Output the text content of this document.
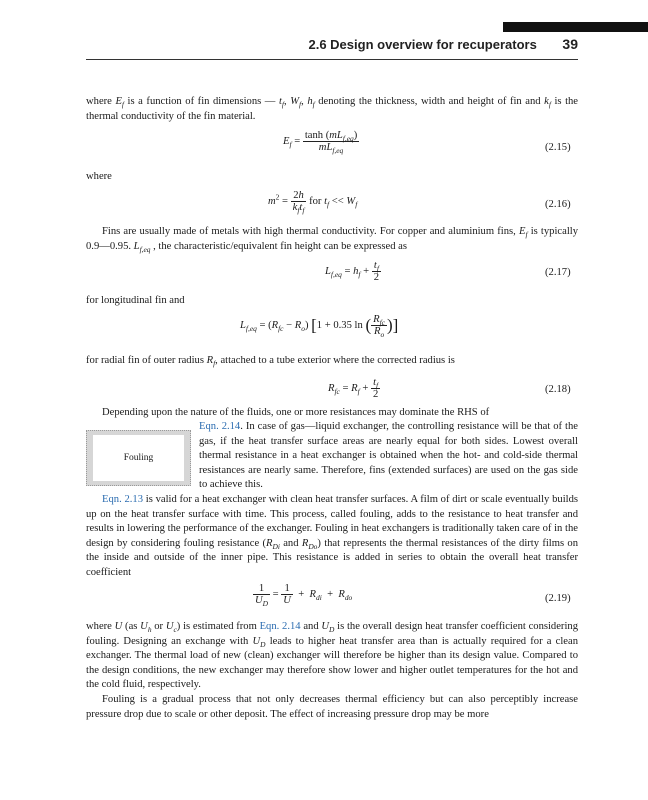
2.6 Design overview for recuperators 39
where $E_f$ is a function of fin dimensions — $t_f$, $W_f$, $h_f$ denoting the thickness, width and height of fin and $k_f$ is the thermal conductivity of the fin material.
$E_f = \frac{\tanh (mL_{f,eq})}{mL_{f,eq}}$	(2.15)
where
$m^2 = \frac{2h}{k_ft_f}$ for $t_f << W_f$	(2.16)
Fins are usually made of metals with high thermal conductivity. For copper and aluminium fins, $E_f$ is typically 0.9—0.95. $L_{f,eq}$ , the characteristic/equivalent fin height can be expressed as
$L_{f,eq} = h_f + \frac{t_f}{2}$	(2.17)
for longitudinal fin and
$L_{f,eq} = (R_{fc} - R_o) [1 + 0.35$ ln ( $\frac{R_{fc}}{R_o}$ )]
for radial fin of outer radius $R_f$, attached to a tube exterior where the corrected radius is
$R_{fc} = R_f + \frac{t_f}{2}$	(2.18)
Depending upon the nature of the fluids, one or more resistances may dominate the RHS of
Fouling
Eqn. 2.14. In case of gas—liquid exchanger, the controlling resistance will be that of the gas, if the heat transfer surface areas are nearly equal for both sides. Lowest overall thermal resistance in a heat exchanger is obtained when the hot- and cold-side thermal resistances are nearly same. Therefore, fins (extended surfaces) are used on the gas side to achieve this.
Eqn. 2.13 is valid for a heat exchanger with clean heat transfer surfaces. A film of dirt or scale eventually builds up on the heat transfer surface with time. This process, called fouling, adds to the resistance to heat transfer and results in lowering the performance of the exchanger. Fouling in heat exchangers is traditionally taken care of in the design by considering fouling resistance ($R_{Di}$ and $R_{Do}$) that represents the thermal resistances of the dirty films on the inside and outside of the inner pipe. This resistance is added in series to obtain the overall heat transfer coefficient
$\frac{1}{U_D} = \frac{1}{U} + R_{di} + R_{do}$	(2.19)
where U (as $U_h$ or $U_c$) is estimated from Eqn. 2.14 and $U_D$ is the overall design heat transfer coefficient considering fouling. Designing an exchange with $U_D$ leads to higher heat transfer area than is actually required for a clean exchanger. The thermal load of new (clean) exchanger will therefore be higher than its design value. Compared to the design conditions, the new exchanger may therefore show lower and higher outlet temperatures for the hot and the cold fluid, respectively.
Fouling is a gradual process that not only decreases thermal efficiency but can also perceptibly increase pressure drop due to scale or other deposit. The effect of increasing pressure drop may be more
